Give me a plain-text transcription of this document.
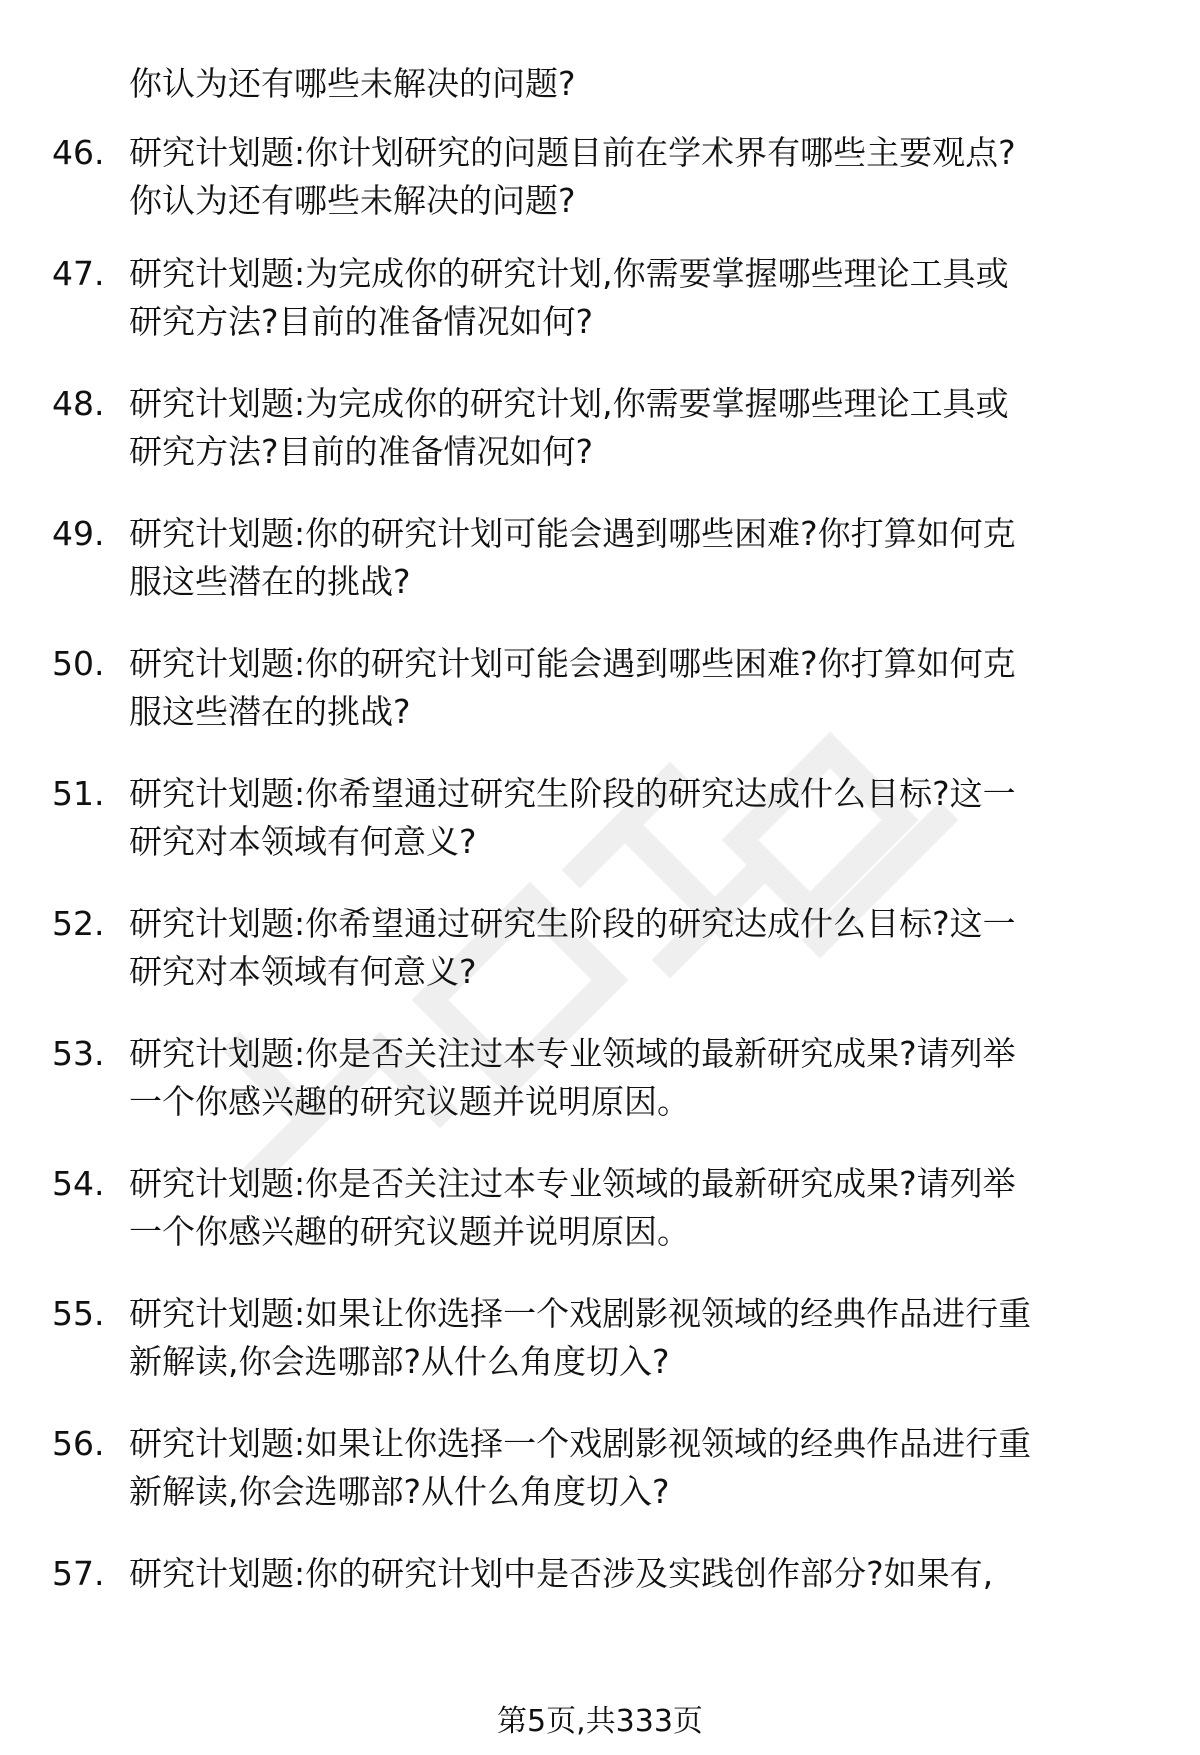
你认为还有哪些未解决的问题?
46. 研究计划题:你计划研究的问题目前在学术界有哪些主要观点?
你认为还有哪些未解决的问题?
47. 研究计划题:为完成你的研究计划,你需要掌握哪些理论工具或
研究方法?目前的准备情况如何?
48. 研究计划题:为完成你的研究计划,你需要掌握哪些理论工具或
研究方法?目前的准备情况如何?
49. 研究计划题:你的研究计划可能会遇到哪些困难?你打算如何克
服这些潜在的挑战?
50. 研究计划题:你的研究计划可能会遇到哪些困难?你打算如何克
服这些潜在的挑战?
51. 研究计划题:你希望通过研究生阶段的研究达成什么目标?这一
研究对本领域有何意义?
52. 研究计划题:你希望通过研究生阶段的研究达成什么目标?这一
研究对本领域有何意义?
53. 研究计划题:你是否关注过本专业领域的最新研究成果?请列举
一个你感兴趣的研究议题并说明原因。
54. 研究计划题:你是否关注过本专业领域的最新研究成果?请列举
一个你感兴趣的研究议题并说明原因。
55. 研究计划题:如果让你选择一个戏剧影视领域的经典作品进行重
新解读,你会选哪部?从什么角度切入?
56. 研究计划题:如果让你选择一个戏剧影视领域的经典作品进行重
新解读,你会选哪部?从什么角度切入?
57. 研究计划题:你的研究计划中是否涉及实践创作部分?如果有,
第5页,共333页
